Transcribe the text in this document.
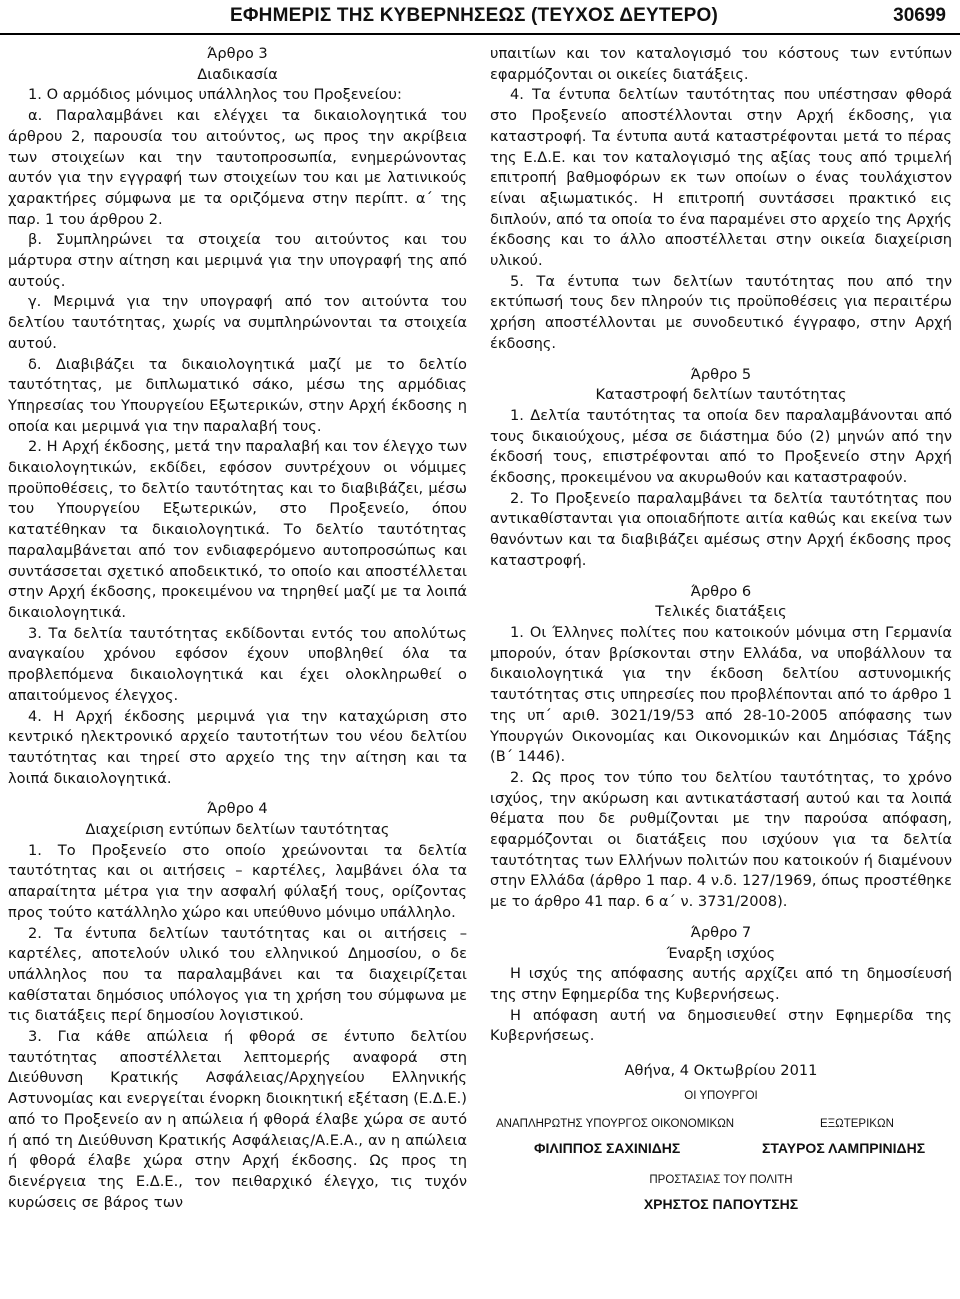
ΕΦΗΜΕΡΙΣ ΤΗΣ ΚΥΒΕΡΝΗΣΕΩΣ (ΤΕΥΧΟΣ ΔΕΥΤΕΡΟ)	30699

Άρθρο 3

Διαδικασία

1. Ο αρμόδιος μόνιμος υπάλληλος του Προξενείου:

α. Παραλαμβάνει και ελέγχει τα δικαιολογητικά του άρθρου 2, παρουσία του αιτούντος, ως προς την ακρίβεια των στοιχείων και την ταυτοπροσωπία, ενημερώνοντας αυτόν για την εγγραφή των στοιχείων του και με λατινικούς χαρακτήρες σύμφωνα με τα οριζόμενα στην περίπτ. α΄ της παρ. 1 του άρθρου 2.

β. Συμπληρώνει τα στοιχεία του αιτούντος και του μάρτυρα στην αίτηση και μεριμνά για την υπογραφή της από αυτούς.

γ. Μεριμνά για την υπογραφή από τον αιτούντα του δελτίου ταυτότητας, χωρίς να συμπληρώνονται τα στοιχεία αυτού.

δ. Διαβιβάζει τα δικαιολογητικά μαζί με το δελτίο ταυτότητας, με διπλωματικό σάκο, μέσω της αρμόδιας Υπηρεσίας του Υπουργείου Εξωτερικών, στην Αρχή έκδοσης η οποία και μεριμνά για την παραλαβή τους.

2. Η Αρχή έκδοσης, μετά την παραλαβή και τον έλεγχο των δικαιολογητικών, εκδίδει, εφόσον συντρέχουν οι νόμιμες προϋποθέσεις, το δελτίο ταυτότητας και το διαβιβάζει, μέσω του Υπουργείου Εξωτερικών, στο Προξενείο, όπου κατατέθηκαν τα δικαιολογητικά. Το δελτίο ταυτότητας παραλαμβάνεται από τον ενδιαφερόμενο αυτοπροσώπως και συντάσσεται σχετικό αποδεικτικό, το οποίο και αποστέλλεται στην Αρχή έκδοσης, προκειμένου να τηρηθεί μαζί με τα λοιπά δικαιολογητικά.

3. Τα δελτία ταυτότητας εκδίδονται εντός του απολύτως αναγκαίου χρόνου εφόσον έχουν υποβληθεί όλα τα προβλεπόμενα δικαιολογητικά και έχει ολοκληρωθεί ο απαιτούμενος έλεγχος.

4. Η Αρχή έκδοσης μεριμνά για την καταχώριση στο κεντρικό ηλεκτρονικό αρχείο ταυτοτήτων του νέου δελτίου ταυτότητας και τηρεί στο αρχείο της την αίτηση και τα λοιπά δικαιολογητικά.

Άρθρο 4

Διαχείριση εντύπων δελτίων ταυτότητας

1. Το Προξενείο στο οποίο χρεώνονται τα δελτία ταυτότητας και οι αιτήσεις – καρτέλες, λαμβάνει όλα τα απαραίτητα μέτρα για την ασφαλή φύλαξή τους, ορίζοντας προς τούτο κατάλληλο χώρο και υπεύθυνο μόνιμο υπάλληλο.

2. Τα έντυπα δελτίων ταυτότητας και οι αιτήσεις – καρτέλες, αποτελούν υλικό του ελληνικού Δημοσίου, ο δε υπάλληλος που τα παραλαμβάνει και τα διαχειρίζεται καθίσταται δημόσιος υπόλογος για τη χρήση του σύμφωνα με τις διατάξεις περί δημοσίου λογιστικού.

3. Για κάθε απώλεια ή φθορά σε έντυπο δελτίου ταυτότητας αποστέλλεται λεπτομερής αναφορά στη Διεύθυνση Κρατικής Ασφάλειας/Αρχηγείου Ελληνικής Αστυνομίας και ενεργείται ένορκη διοικητική εξέταση (Ε.Δ.Ε.) από το Προξενείο αν η απώλεια ή φθορά έλαβε χώρα σε αυτό ή από τη Διεύθυνση Κρατικής Ασφάλειας/Α.Ε.Α., αν η απώλεια ή φθορά έλαβε χώρα στην Αρχή έκδοσης. Ως προς τη διενέργεια της Ε.Δ.Ε., τον πειθαρχικό έλεγχο, τις τυχόν κυρώσεις σε βάρος των

υπαιτίων και τον καταλογισμό του κόστους των εντύπων εφαρμόζονται οι οικείες διατάξεις.

4. Τα έντυπα δελτίων ταυτότητας που υπέστησαν φθορά στο Προξενείο αποστέλλονται στην Αρχή έκδοσης, για καταστροφή. Τα έντυπα αυτά καταστρέφονται μετά το πέρας της Ε.Δ.Ε. και τον καταλογισμό της αξίας τους από τριμελή επιτροπή βαθμοφόρων εκ των οποίων ο ένας τουλάχιστον είναι αξιωματικός. Η επιτροπή συντάσσει πρακτικό εις διπλούν, από τα οποία το ένα παραμένει στο αρχείο της Αρχής έκδοσης και το άλλο αποστέλλεται στην οικεία διαχείριση υλικού.

5. Τα έντυπα των δελτίων ταυτότητας που από την εκτύπωσή τους δεν πληρούν τις προϋποθέσεις για περαιτέρω χρήση αποστέλλονται με συνοδευτικό έγγραφο, στην Αρχή έκδοσης.

Άρθρο 5

Καταστροφή δελτίων ταυτότητας

1. Δελτία ταυτότητας τα οποία δεν παραλαμβάνονται από τους δικαιούχους, μέσα σε διάστημα δύο (2) μηνών από την έκδοσή τους, επιστρέφονται από το Προξενείο στην Αρχή έκδοσης, προκειμένου να ακυρωθούν και καταστραφούν.

2. Το Προξενείο παραλαμβάνει τα δελτία ταυτότητας που αντικαθίστανται για οποιαδήποτε αιτία καθώς και εκείνα των θανόντων και τα διαβιβάζει αμέσως στην Αρχή έκδοσης προς καταστροφή.

Άρθρο 6

Τελικές διατάξεις

1. Οι Έλληνες πολίτες που κατοικούν μόνιμα στη Γερμανία μπορούν, όταν βρίσκονται στην Ελλάδα, να υποβάλλουν τα δικαιολογητικά για την έκδοση δελτίου αστυνομικής ταυτότητας στις υπηρεσίες που προβλέπονται από το άρθρο 1 της υπ΄ αριθ. 3021/19/53 από 28-10-2005 απόφασης των Υπουργών Οικονομίας και Οικονομικών και Δημόσιας Τάξης (Β΄ 1446).

2. Ως προς τον τύπο του δελτίου ταυτότητας, το χρόνο ισχύος, την ακύρωση και αντικατάστασή αυτού και τα λοιπά θέματα που δε ρυθμίζονται με την παρούσα απόφαση, εφαρμόζονται οι διατάξεις που ισχύουν για τα δελτία ταυτότητας των Ελλήνων πολιτών που κατοικούν ή διαμένουν στην Ελλάδα (άρθρο 1 παρ. 4 ν.δ. 127/1969, όπως προστέθηκε με το άρθρο 41 παρ. 6 α΄ ν. 3731/2008).

Άρθρο 7

Έναρξη ισχύος

Η ισχύς της απόφασης αυτής αρχίζει από τη δημοσίευσή της στην Εφημερίδα της Κυβερνήσεως.

Η απόφαση αυτή να δημοσιευθεί στην Εφημερίδα της Κυβερνήσεως.

Αθήνα, 4 Οκτωβρίου 2011

ΟΙ ΥΠΟΥΡΓΟΙ

ΑΝΑΠΛΗΡΩΤΗΣ ΥΠΟΥΡΓΟΣ ΟΙΚΟΝΟΜΙΚΩΝ	ΕΞΩΤΕΡΙΚΩΝ
ΦΙΛΙΠΠΟΣ ΣΑΧΙΝΙΔΗΣ	ΣΤΑΥΡΟΣ ΛΑΜΠΡΙΝΙΔΗΣ

ΠΡΟΣΤΑΣΙΑΣ ΤΟΥ ΠΟΛΙΤΗ

ΧΡΗΣΤΟΣ ΠΑΠΟΥΤΣΗΣ
